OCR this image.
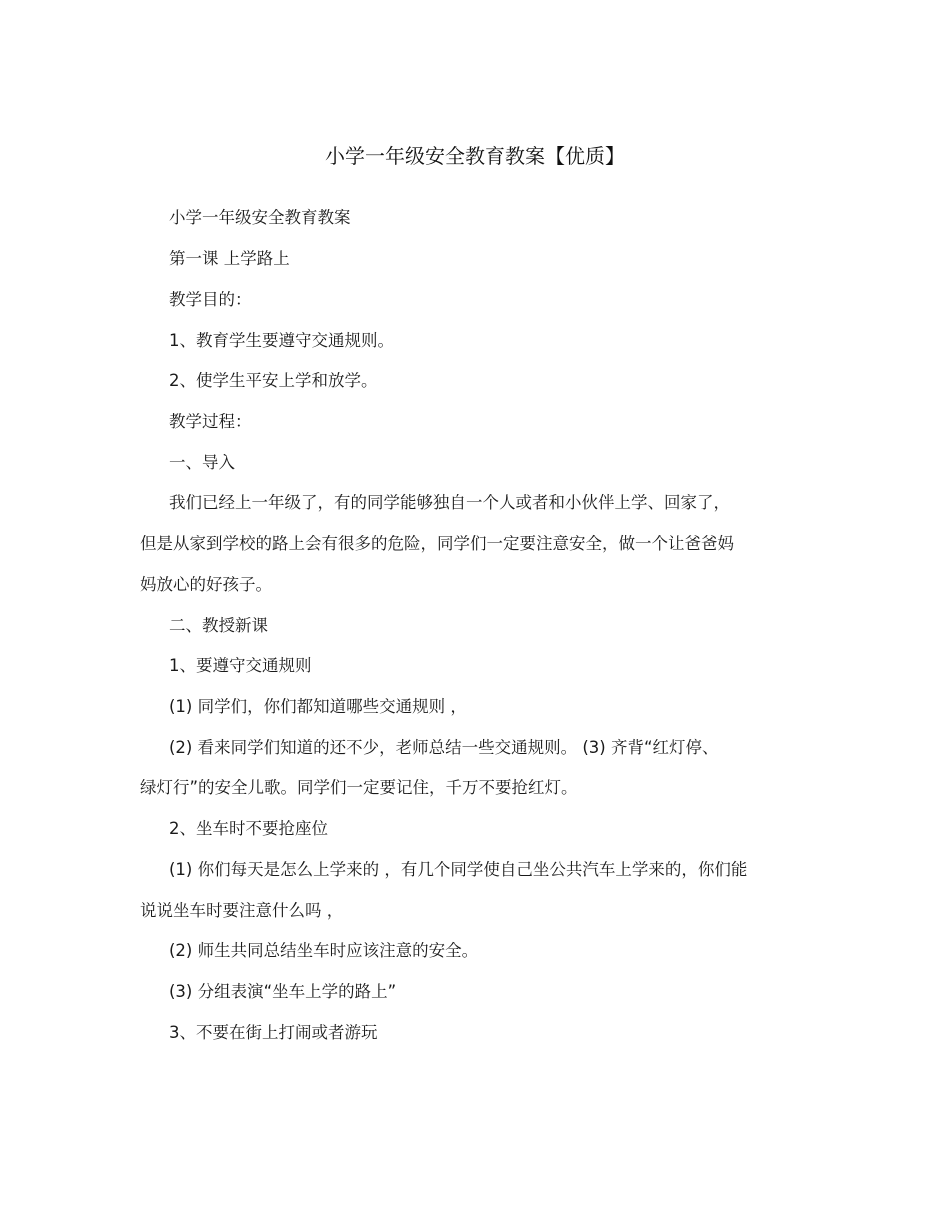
小学一年级安全教育教案【优质】
小学一年级安全教育教案
第一课 上学路上
教学目的：
1、教育学生要遵守交通规则。
2、使学生平安上学和放学。
教学过程：
一、导入
我们已经上一年级了，有的同学能够独自一个人或者和小伙伴上学、回家了，
但是从家到学校的路上会有很多的危险，同学们一定要注意安全，做一个让爸爸妈
妈放心的好孩子。
二、教授新课
1、要遵守交通规则
(1) 同学们，你们都知道哪些交通规则 ，
(2) 看来同学们知道的还不少，老师总结一些交通规则。 (3) 齐背“红灯停、
绿灯行”的安全儿歌。同学们一定要记住，千万不要抢红灯。
2、坐车时不要抢座位
(1) 你们每天是怎么上学来的 ，有几个同学使自己坐公共汽车上学来的，你们能
说说坐车时要注意什么吗 ，
(2) 师生共同总结坐车时应该注意的安全。
(3) 分组表演“坐车上学的路上”
3、不要在街上打闹或者游玩
